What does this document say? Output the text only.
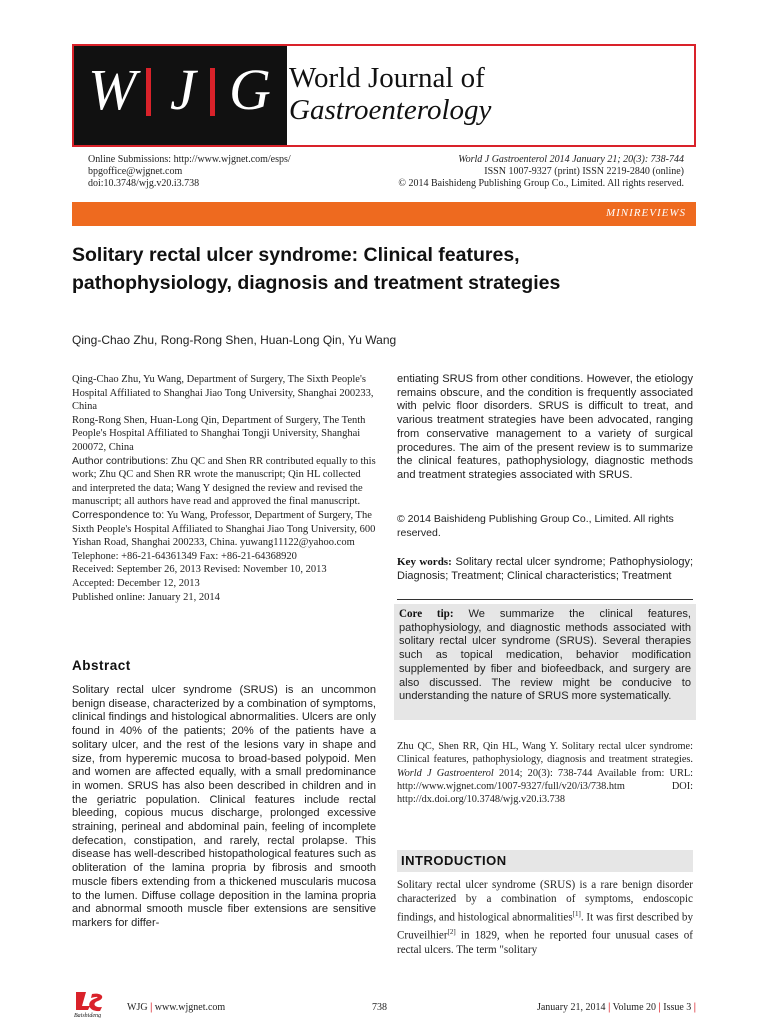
W J G World Journal of
Gastroenterology
Online Submissions: http://www.wjgnet.com/esps/
bpgoffice@wjgnet.com
doi:10.3748/wjg.v20.i3.738
World J Gastroenterol 2014 January 21; 20(3): 738-744
ISSN 1007-9327 (print) ISSN 2219-2840 (online)
© 2014 Baishideng Publishing Group Co., Limited. All rights reserved.
MINIREVIEWS
Solitary rectal ulcer syndrome: Clinical features, pathophysiology, diagnosis and treatment strategies
Qing-Chao Zhu, Rong-Rong Shen, Huan-Long Qin, Yu Wang

Qing-Chao Zhu, Yu Wang, Department of Surgery, The Sixth People's Hospital Affiliated to Shanghai Jiao Tong University, Shanghai 200233, China

Rong-Rong Shen, Huan-Long Qin, Department of Surgery, The Tenth People's Hospital Affiliated to Shanghai Tongji University, Shanghai 200072, China

Author contributions: Zhu QC and Shen RR contributed equally to this work; Zhu QC and Shen RR wrote the manuscript; Qin HL collected and interpreted the data; Wang Y designed the review and revised the manuscript; all authors have read and approved the final manuscript.

Correspondence to: Yu Wang, Professor, Department of Surgery, The Sixth People's Hospital Affiliated to Shanghai Jiao Tong University, 600 Yishan Road, Shanghai 200233, China. yuwang11122@yahoo.com

Telephone: +86-21-64361349 Fax: +86-21-64368920

Received: September 26, 2013 Revised: November 10, 2013

Accepted: December 12, 2013

Published online: January 21, 2014

Abstract
Solitary rectal ulcer syndrome (SRUS) is an uncommon benign disease, characterized by a combination of symptoms, clinical findings and histological abnormalities. Ulcers are only found in 40% of the patients; 20% of the patients have a solitary ulcer, and the rest of the lesions vary in shape and size, from hyperemic mucosa to broad-based polypoid. Men and women are affected equally, with a small predominance in women. SRUS has also been described in children and in the geriatric population. Clinical features include rectal bleeding, copious mucus discharge, prolonged excessive straining, perineal and abdominal pain, feeling of incomplete defecation, constipation, and rarely, rectal prolapse. This disease has well-described histopathological features such as obliteration of the lamina propria by fibrosis and smooth muscle fibers extending from a thickened muscularis mucosa to the lumen. Diffuse collage deposition in the lamina propria and abnormal smooth muscle fiber extensions are sensitive markers for differ-
entiating SRUS from other conditions. However, the etiology remains obscure, and the condition is frequently associated with pelvic floor disorders. SRUS is difficult to treat, and various treatment strategies have been advocated, ranging from conservative management to a variety of surgical procedures. The aim of the present review is to summarize the clinical features, pathophysiology, diagnostic methods and treatment strategies associated with SRUS.
© 2014 Baishideng Publishing Group Co., Limited. All rights reserved.
Key words: Solitary rectal ulcer syndrome; Pathophysiology; Diagnosis; Treatment; Clinical characteristics; Treatment
Core tip: We summarize the clinical features, pathophysiology, and diagnostic methods associated with solitary rectal ulcer syndrome (SRUS). Several therapies such as topical medication, behavior modification supplemented by fiber and biofeedback, and surgery are also discussed. The review might be conducive to understanding the nature of SRUS more systematically.
Zhu QC, Shen RR, Qin HL, Wang Y. Solitary rectal ulcer syndrome: Clinical features, pathophysiology, diagnosis and treatment strategies. World J Gastroenterol 2014; 20(3): 738-744 Available from: URL: http://www.wjgnet.com/1007-9327/full/v20/i3/738.htm DOI: http://dx.doi.org/10.3748/wjg.v20.i3.738
INTRODUCTION
Solitary rectal ulcer syndrome (SRUS) is a rare benign disorder characterized by a combination of symptoms, endoscopic findings, and histological abnormalities[1]. It was first described by Cruveilhier[2] in 1829, when he reported four unusual cases of rectal ulcers. The term "solitary
Baishideng
WJG | www.wjgnet.com	738	January 21, 2014 | Volume 20 | Issue 3 |
